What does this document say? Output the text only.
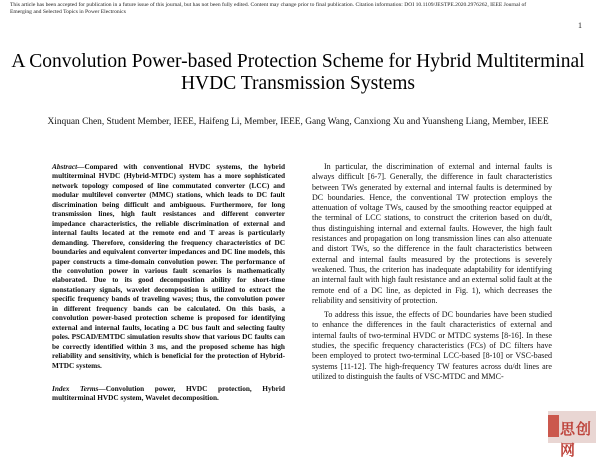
This article has been accepted for publication in a future issue of this journal, but has not been fully edited. Content may change prior to final publication. Citation information: DOI 10.1109/JESTPE.2020.2976262, IEEE Journal of Emerging and Selected Topics in Power Electronics
1
A Convolution Power-based Protection Scheme for Hybrid Multiterminal HVDC Transmission Systems
Xinquan Chen, Student Member, IEEE, Haifeng Li, Member, IEEE, Gang Wang, Canxiong Xu and Yuansheng Liang, Member, IEEE
Abstract—Compared with conventional HVDC systems, the hybrid multiterminal HVDC (Hybrid-MTDC) system has a more sophisticated network topology composed of line commutated converter (LCC) and modular multilevel converter (MMC) stations, which leads to DC fault discrimination being difficult and ambiguous. Furthermore, for long transmission lines, high fault resistances and different converter impedance characteristics, the reliable discrimination of external and internal faults located at the remote end and T areas is particularly demanding. Therefore, considering the frequency characteristics of DC boundaries and equivalent converter impedances and DC line models, this paper constructs a time-domain convolution power. The performance of the convolution power in various fault scenarios is mathematically elaborated. Due to its good decomposition ability for short-time nonstationary signals, wavelet decomposition is utilized to extract the specific frequency bands of traveling waves; thus, the convolution power in different frequency bands can be calculated. On this basis, a convolution power-based protection scheme is proposed for identifying external and internal faults, locating a DC bus fault and selecting faulty poles. PSCAD/EMTDC simulation results show that various DC faults can be correctly identified within 3 ms, and the proposed scheme has high reliability and sensitivity, which is beneficial for the protection of Hybrid-MTDC systems.
Index Terms—Convolution power, HVDC protection, Hybrid multiterminal HVDC system, Wavelet decomposition.

In particular, the discrimination of external and internal faults is always difficult [6-7]. Generally, the difference in fault characteristics between TWs generated by external and internal faults is determined by DC boundaries. Hence, the conventional TW protection employs the attenuation of voltage TWs, caused by the smoothing reactor equipped at the terminal of LCC stations, to construct the criterion based on du/dt, thus distinguishing internal and external faults. However, the high fault resistances and propagation on long transmission lines can also attenuate and distort TWs, so the difference in the fault characteristics between external and internal faults measured by the protections is severely weakened. Thus, the criterion has inadequate adaptability for identifying an internal fault with high fault resistance and an external solid fault at the remote end of a DC line, as depicted in Fig. 1), which decreases the reliability and sensitivity of protection.

To address this issue, the effects of DC boundaries have been studied to enhance the differences in the fault characteristics of external and internal faults of two-terminal HVDC or MTDC systems [8-16]. In these studies, the specific frequency characteristics (FCs) of DC filters have been employed to protect two-terminal LCC-based [8-10] or VSC-based systems [11-12]. The high-frequency TW features across du/dt lines are utilized to distinguish the faults of VSC-MTDC and MMC-

思创网
